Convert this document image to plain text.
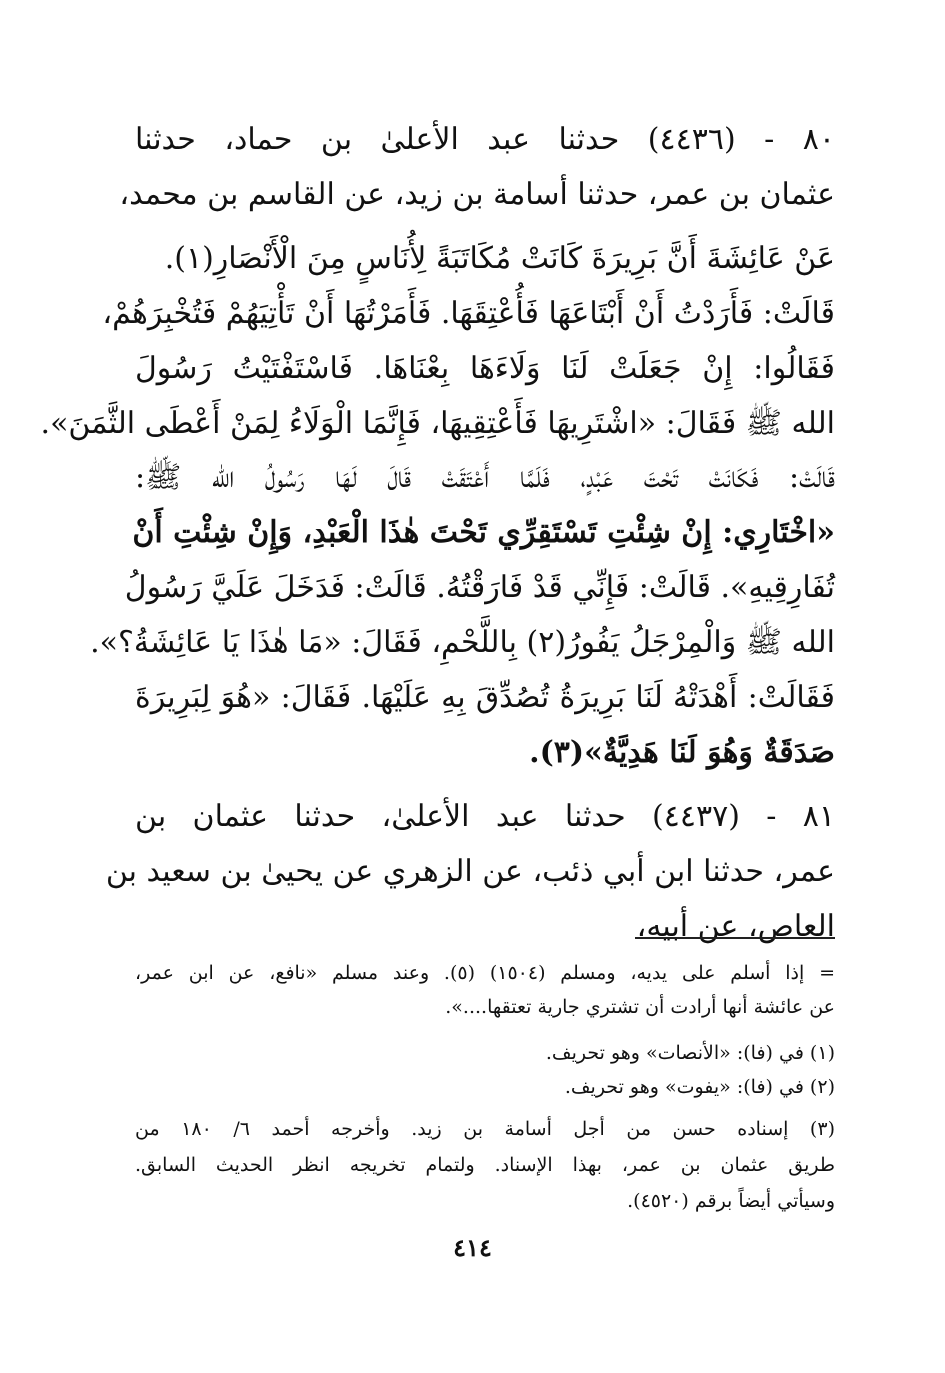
٨٠ - (٤٤٣٦) حدثنا عبد الأعلىٰ بن حماد، حدثنا
عثمان بن عمر، حدثنا أسامة بن زيد، عن القاسم بن محمد،
عَنْ عَائِشَةَ أَنَّ بَرِيرَةَ كَانَتْ مُكَاتَبَةً لِأُنَاسٍ مِنَ الْأَنْصَارِ(١).
قَالَتْ: فَأَرَدْتُ أَنْ أَبْتَاعَهَا فَأُعْتِقَهَا. فَأَمَرْتُهَا أَنْ تَأْتِيَهُمْ فَتُخْبِرَهُمْ،
فَقَالُوا: إِنْ جَعَلَتْ لَنَا وَلَاءَهَا بِعْنَاهَا. فَاسْتَفْتَيْتُ رَسُولَ
الله ﷺ فَقَالَ: «اشْتَرِيهَا فَأَعْتِقِيهَا، فَإِنَّمَا الْوَلَاءُ لِمَنْ أَعْطَى الثَّمَنَ».
قَالَتْ: فَكَانَتْ تَحْتَ عَبْدٍ، فَلَمَّا أَعْتَقَتْ قَالَ لَهَا رَسُولُ الله ﷺ:
«اخْتَارِي: إِنْ شِئْتِ تَسْتَقِرِّي تَحْتَ هٰذَا الْعَبْدِ، وَإِنْ شِئْتِ أَنْ
تُفَارِقِيهِ». قَالَتْ: فَإِنِّي قَدْ فَارَقْتُهُ. قَالَتْ: فَدَخَلَ عَلَيَّ رَسُولُ
الله ﷺ وَالْمِرْجَلُ يَفُورُ(٢) بِاللَّحْمِ، فَقَالَ: «مَا هٰذَا يَا عَائِشَةُ؟».
فَقَالَتْ: أَهْدَتْهُ لَنَا بَرِيرَةُ تُصُدِّقَ بِهِ عَلَيْهَا. فَقَالَ: «هُوَ لِبَرِيرَةَ
صَدَقَةٌ وَهُوَ لَنَا هَدِيَّةٌ»(٣).
٨١ - (٤٤٣٧) حدثنا عبد الأعلىٰ، حدثنا عثمان بن
عمر، حدثنا ابن أبي ذئب، عن الزهري عن يحيىٰ بن سعيد بن
العاص، عن أبيه،
= إذا أسلم على يديه، ومسلم (١٥٠٤) (٥). وعند مسلم «نافع، عن ابن عمر،
عن عائشة أنها أرادت أن تشتري جارية تعتقها....».
(١) في (فا): «الأنصات» وهو تحريف.
(٢) في (فا): «يفوت» وهو تحريف.
(٣) إسناده حسن من أجل أسامة بن زيد. وأخرجه أحمد ٦/ ١٨٠ من
طريق عثمان بن عمر، بهذا الإسناد. ولتمام تخريجه انظر الحديث السابق.
وسيأتي أيضاً برقم (٤٥٢٠).
٤١٤
